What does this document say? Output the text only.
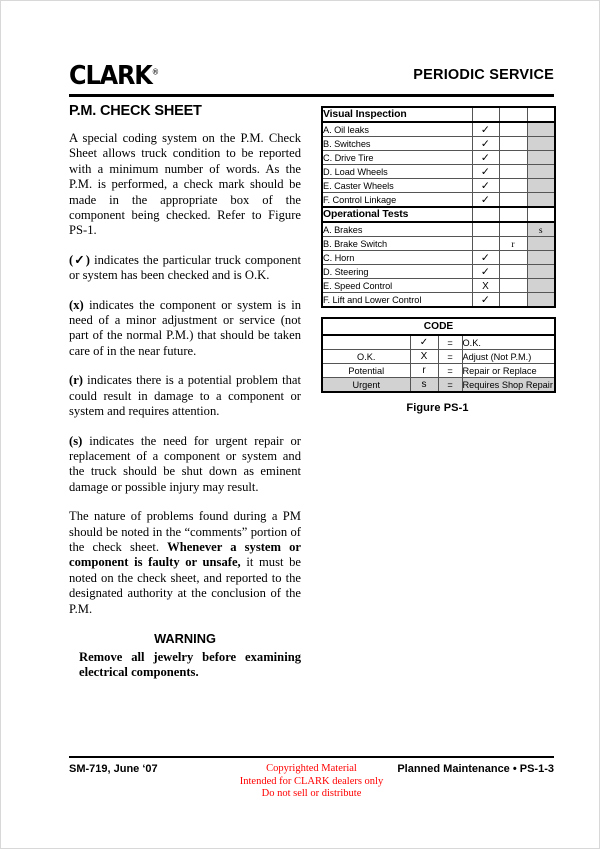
CLARK®	PERIODIC SERVICE
P.M. CHECK SHEET

A special coding system on the P.M. Check Sheet allows truck condition to be reported with a minimum number of words. As the P.M. is performed, a check mark should be made in the appropriate box of the component being checked. Refer to Figure PS-1.

(✓) indicates the particular truck component or system has been checked and is O.K.

(x) indicates the component or system is in need of a minor adjustment or service (not part of the normal P.M.) that should be taken care of in the near future.

(r) indicates there is a potential problem that could result in damage to a component or system and requires attention.

(s) indicates the need for urgent repair or replacement of a component or system and the truck should be shut down as eminent damage or possible injury may result.

The nature of problems found during a PM should be noted in the “comments” portion of the check sheet. Whenever a system or component is faulty or unsafe, it must be noted on the check sheet, and reported to the designated authority at the conclusion of the P.M.

WARNING

Remove all jewelry before examining electrical components.

Visual Inspection			
A. Oil leaks	✓		
B. Switches	✓		
C. Drive Tire	✓		
D. Load Wheels	✓		
E. Caster Wheels	✓		
F. Control Linkage	✓		
Operational Tests			
A. Brakes			s
B. Brake Switch		r	
C. Horn	✓		
D. Steering	✓		
E. Speed Control	X		
F. Lift and Lower Control	✓		
CODE			
	✓	=	O.K.
O.K.	X	=	Adjust (Not P.M.)
Potential	r	=	Repair or Replace
Urgent	s	=	Requires Shop Repair
Figure PS-1
SM-719, June ‘07	Copyrighted Material
Intended for CLARK dealers only
Do not sell or distribute
Planned Maintenance • PS-1-3
